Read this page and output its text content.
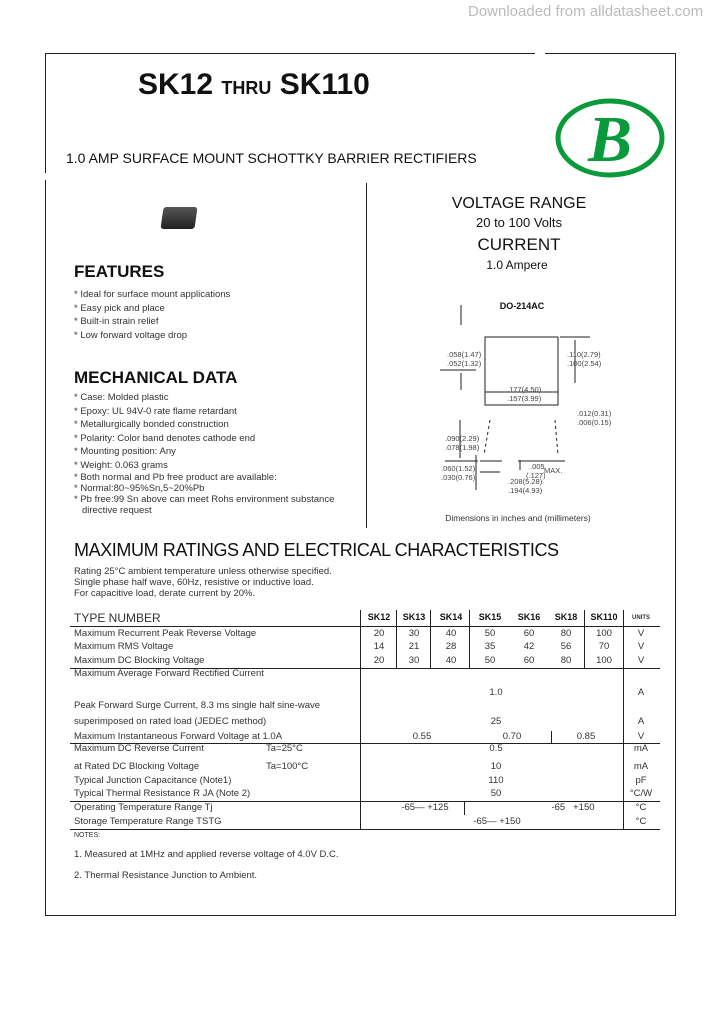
Downloaded from alldatasheet.com
SK12 THRU SK110
1.0 AMP SURFACE MOUNT SCHOTTKY BARRIER RECTIFIERS B
VOLTAGE RANGE
20 to 100 Volts
CURRENT
1.0 Ampere
FEATURES
* Ideal for surface mount applications
* Easy pick and place
* Built-in strain relief
* Low forward voltage drop
MECHANICAL DATA
* Case: Molded plastic
* Epoxy: UL 94V-0 rate flame retardant
* Metallurgically bonded construction
* Polarity: Color band denotes cathode end
* Mounting position: Any
* Weight: 0.063 grams
* Both normal and Pb free product are available:
* Normal:80~95%Sn,5~20%Pb
* Pb free:99 Sn above can meet Rohs environment substance
directive request
DO-214AC
.058(1.47)
.052(1.32)
.110(2.79)
.100(2.54)
.177(4.50)
.157(3.99)
.012(0.31)
.006(0.15)
.090(2.29)
.078(1.98)
.060(1.52)
.030(0.76)
.005
(.127)
MAX.
.208(5.28)
.194(4.93)
Dimensions in inches and (millimeters)
MAXIMUM RATINGS AND ELECTRICAL CHARACTERISTICS
Rating 25°C ambient temperature unless otherwise specified.
Single phase half wave, 60Hz, resistive or inductive load.
For capacitive load, derate current by 20%.
TYPE NUMBER	SK12 SK13 SK14 SK15 SK16 SK18 SK110 UNITS
Maximum Recurrent Peak Reverse Voltage	20	30	40	50	60	80	100	V
Maximum RMS Voltage	14	21	28	35	42	56	70	V
Maximum DC Blocking Voltage	20	30	40	50	60	80	100	V
Maximum Average Forward Rectified Current
1.0	A
Peak Forward Surge Current, 8.3 ms single half sine-wave
superimposed on rated load (JEDEC method)	25	A
Maximum Instantaneous Forward Voltage at 1.0A	0.55	0.70	0.85	V
Maximum DC Reverse Current	Ta=25°C	0.5	mA
at Rated DC Blocking Voltage	Ta=100°C	10	mA
Typical Junction Capacitance (Note1)	110	pF
Typical Thermal Resistance R JA (Note 2)	50	°C/W
Operating Temperature Range Tj	-65— +125	-65   +150	°C
Storage Temperature Range TSTG	-65— +150	°C
NOTES:
1. Measured at 1MHz and applied reverse voltage of 4.0V D.C.
2. Thermal Resistance Junction to Ambient.
